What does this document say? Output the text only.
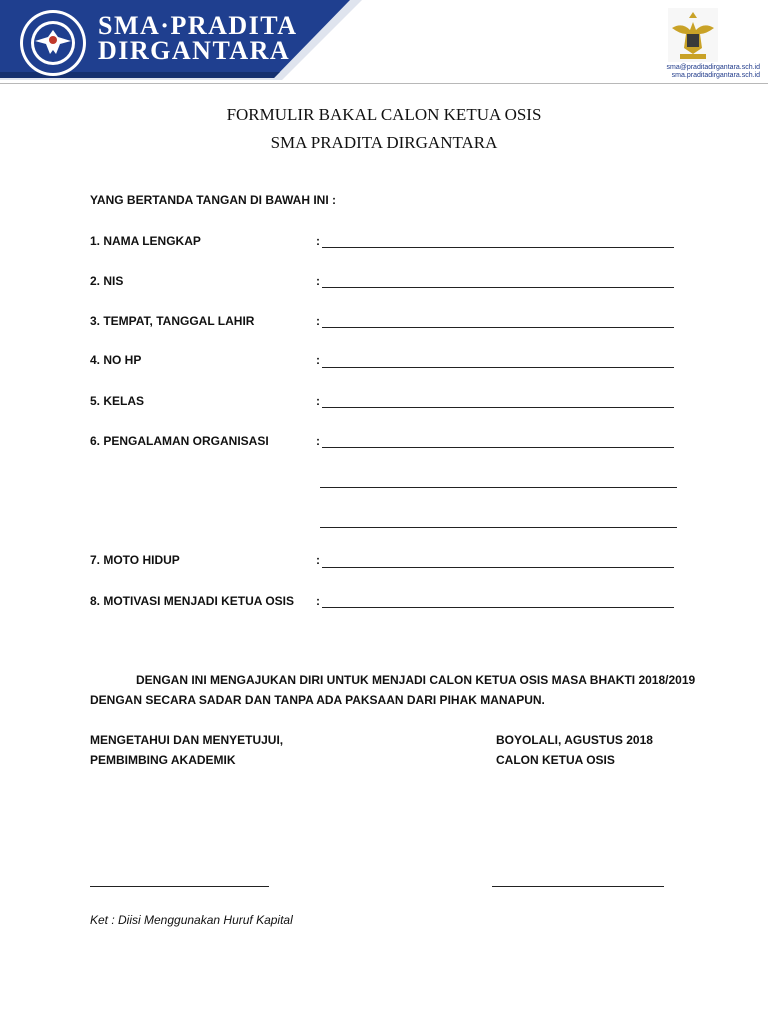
SMA·PRADITA
DIRGANTARA
sma@praditadirgantara.sch.id
sma.praditadirgantara.sch.id
FORMULIR BAKAL CALON KETUA OSIS
SMA PRADITA DIRGANTARA
YANG BERTANDA TANGAN DI BAWAH INI :
1. NAMA LENGKAP	:
2. NIS	:
3. TEMPAT, TANGGAL LAHIR	:
4. NO HP	:
5. KELAS	:
6. PENGALAMAN ORGANISASI	:
7. MOTO HIDUP	:
8. MOTIVASI MENJADI KETUA OSIS :
DENGAN INI MENGAJUKAN DIRI UNTUK MENJADI CALON KETUA OSIS MASA BHAKTI 2018/2019
DENGAN SECARA SADAR DAN TANPA ADA PAKSAAN DARI PIHAK MANAPUN.
MENGETAHUI DAN MENYETUJUI,
PEMBIMBING AKADEMIK
BOYOLALI, AGUSTUS 2018
CALON KETUA OSIS
Ket : Diisi Menggunakan Huruf Kapital
